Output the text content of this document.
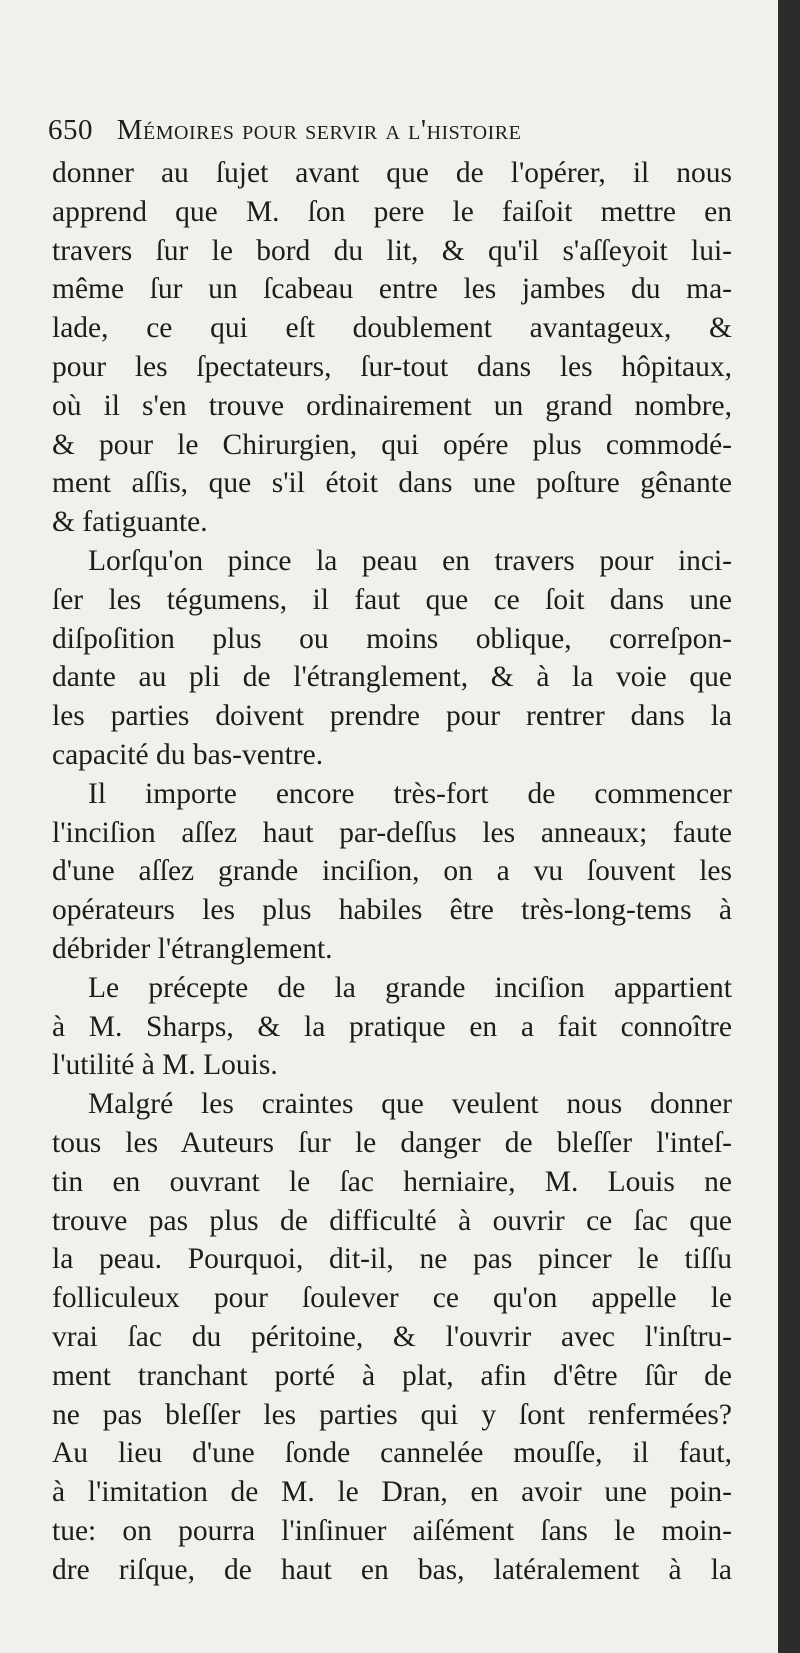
650 Mémoires pour servir a l'histoire
donner au ſujet avant que de l'opérer, il nous
apprend que M. ſon pere le faiſoit mettre en
travers ſur le bord du lit, & qu'il s'aſſeyoit lui-
même ſur un ſcabeau entre les jambes du ma-
lade, ce qui eſt doublement avantageux, &
pour les ſpectateurs, ſur-tout dans les hôpitaux,
où il s'en trouve ordinairement un grand nombre,
& pour le Chirurgien, qui opére plus commodé-
ment aſſis, que s'il étoit dans une poſture gênante
& fatiguante.
Lorſqu'on pince la peau en travers pour inci-
ſer les tégumens, il faut que ce ſoit dans une
diſpoſition plus ou moins oblique, correſpon-
dante au pli de l'étranglement, & à la voie que
les parties doivent prendre pour rentrer dans la
capacité du bas-ventre.
Il importe encore très-fort de commencer
l'inciſion aſſez haut par-deſſus les anneaux; faute
d'une aſſez grande inciſion, on a vu ſouvent les
opérateurs les plus habiles être très-long-tems à
débrider l'étranglement.
Le précepte de la grande inciſion appartient
à M. Sharps, & la pratique en a fait connoître
l'utilité à M. Louis.
Malgré les craintes que veulent nous donner
tous les Auteurs ſur le danger de bleſſer l'inteſ-
tin en ouvrant le ſac herniaire, M. Louis ne
trouve pas plus de difficulté à ouvrir ce ſac que
la peau. Pourquoi, dit-il, ne pas pincer le tiſſu
folliculeux pour ſoulever ce qu'on appelle le
vrai ſac du péritoine, & l'ouvrir avec l'inſtru-
ment tranchant porté à plat, afin d'être ſûr de
ne pas bleſſer les parties qui y ſont renfermées?
Au lieu d'une ſonde cannelée mouſſe, il faut,
à l'imitation de M. le Dran, en avoir une poin-
tue: on pourra l'inſinuer aiſément ſans le moin-
dre riſque, de haut en bas, latéralement à la
